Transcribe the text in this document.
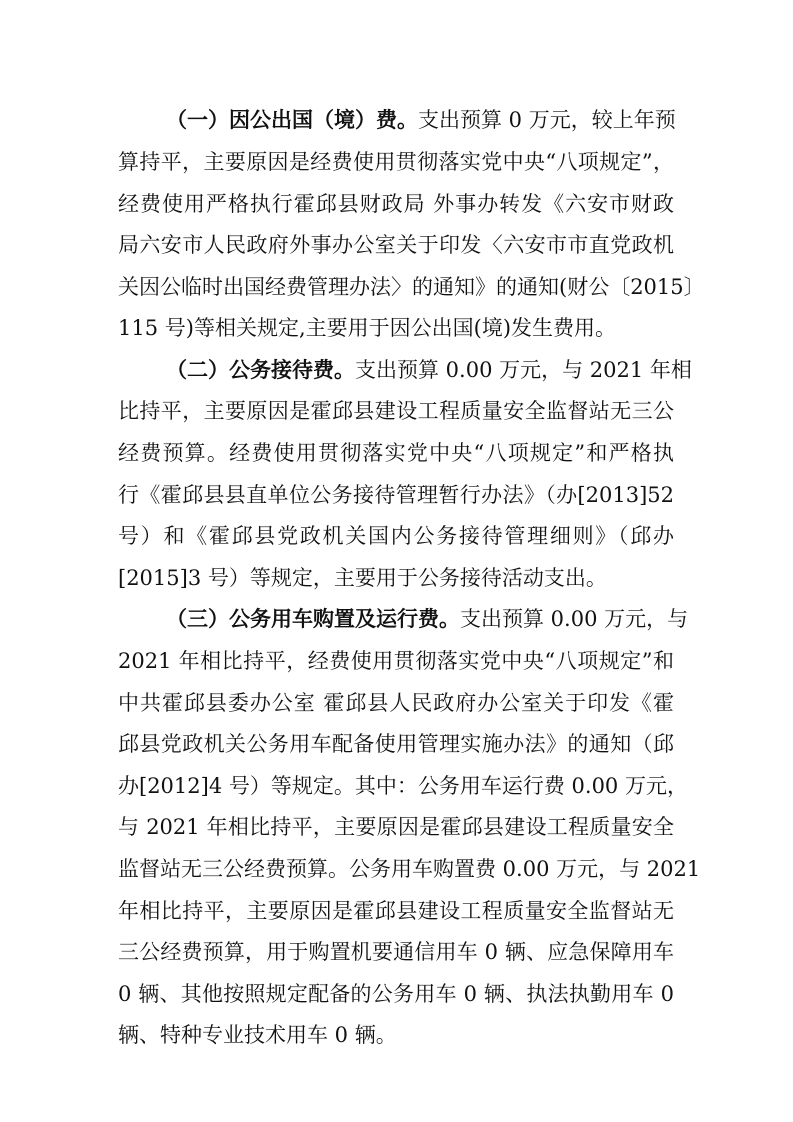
（一）因公出国（境）费。支出预算 0 万元，较上年预
算持平，主要原因是经费使用贯彻落实党中央“八项规定”，
经费使用严格执行霍邱县财政局 外事办转发《六安市财政
局六安市人民政府外事办公室关于印发〈六安市市直党政机
关因公临时出国经费管理办法〉的通知》的通知(财公〔2015〕
115 号)等相关规定,主要用于因公出国(境)发生费用。
（二）公务接待费。支出预算 0.00 万元，与 2021 年相
比持平，主要原因是霍邱县建设工程质量安全监督站无三公
经费预算。经费使用贯彻落实党中央“八项规定”和严格执
行《霍邱县县直单位公务接待管理暂行办法》（办[2013]52
号）和《霍邱县党政机关国内公务接待管理细则》（邱办
[2015]3 号）等规定，主要用于公务接待活动支出。
（三）公务用车购置及运行费。支出预算 0.00 万元，与
2021 年相比持平，经费使用贯彻落实党中央“八项规定”和
中共霍邱县委办公室 霍邱县人民政府办公室关于印发《霍
邱县党政机关公务用车配备使用管理实施办法》的通知（邱
办[2012]4 号）等规定。其中：公务用车运行费 0.00 万元，
与 2021 年相比持平，主要原因是霍邱县建设工程质量安全
监督站无三公经费预算。公务用车购置费 0.00 万元，与 2021
年相比持平，主要原因是霍邱县建设工程质量安全监督站无
三公经费预算，用于购置机要通信用车 0 辆、应急保障用车
0 辆、其他按照规定配备的公务用车 0 辆、执法执勤用车 0
辆、特种专业技术用车 0 辆。
